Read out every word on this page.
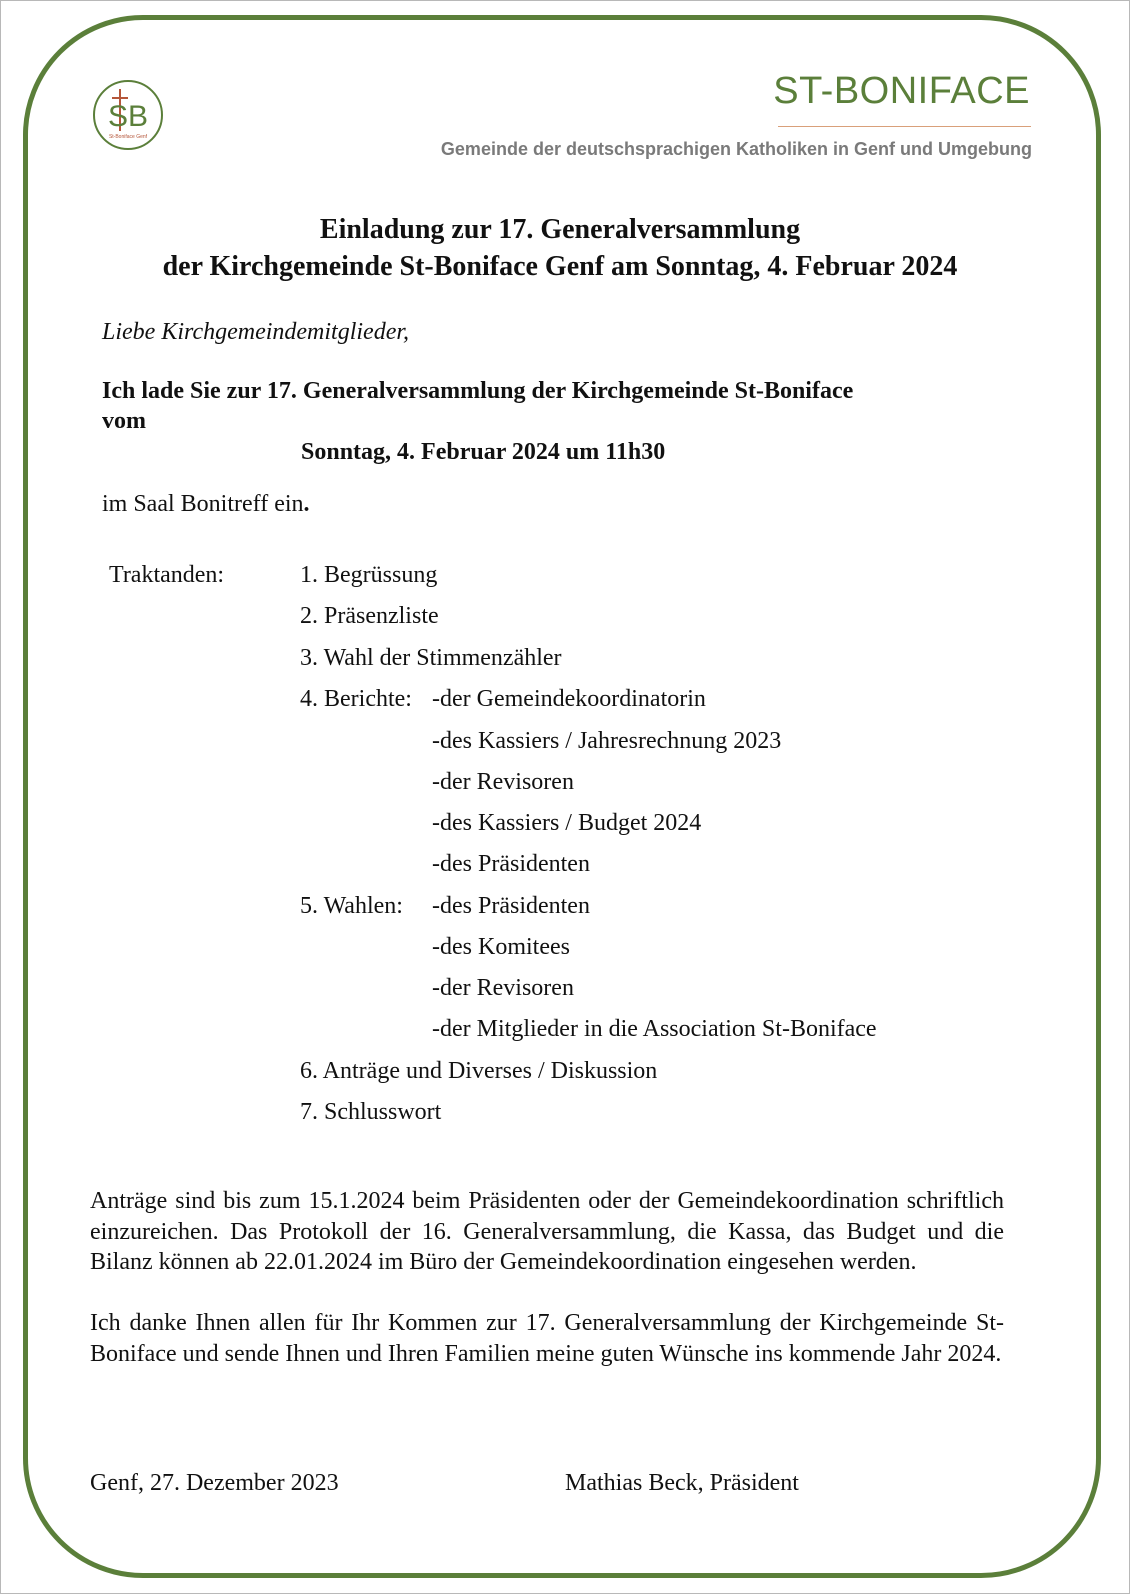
SB
St-Boniface Genf
ST-BONIFACE
Gemeinde der deutschsprachigen Katholiken in Genf und Umgebung
Einladung zur 17. Generalversammlung
der Kirchgemeinde St-Boniface Genf am Sonntag, 4. Februar 2024
Liebe Kirchgemeindemitglieder,
Ich lade Sie zur 17. Generalversammlung der Kirchgemeinde St-Boniface
vom
Sonntag, 4. Februar 2024 um 11h30
im Saal Bonitreff ein.
Traktanden:	1. Begrüssung
2. Präsenzliste
3. Wahl der Stimmenzähler
4. Berichte: -der Gemeindekoordinatorin
-des Kassiers / Jahresrechnung 2023
-der Revisoren
-des Kassiers / Budget 2024
-des Präsidenten
5. Wahlen: -des Präsidenten
-des Komitees
-der Revisoren
-der Mitglieder in die Association St-Boniface
6. Anträge und Diverses / Diskussion
7. Schlusswort
Anträge sind bis zum 15.1.2024 beim Präsidenten oder der Gemeindekoordination schriftlich einzureichen. Das Protokoll der 16. Generalversammlung, die Kassa, das Budget und die Bilanz können ab 22.01.2024 im Büro der Gemeindekoordination eingesehen werden.
Ich danke Ihnen allen für Ihr Kommen zur 17. Generalversammlung der Kirchgemeinde St-Boniface und sende Ihnen und Ihren Familien meine guten Wünsche ins kommende Jahr 2024.
Genf, 27. Dezember 2023	Mathias Beck, Präsident
